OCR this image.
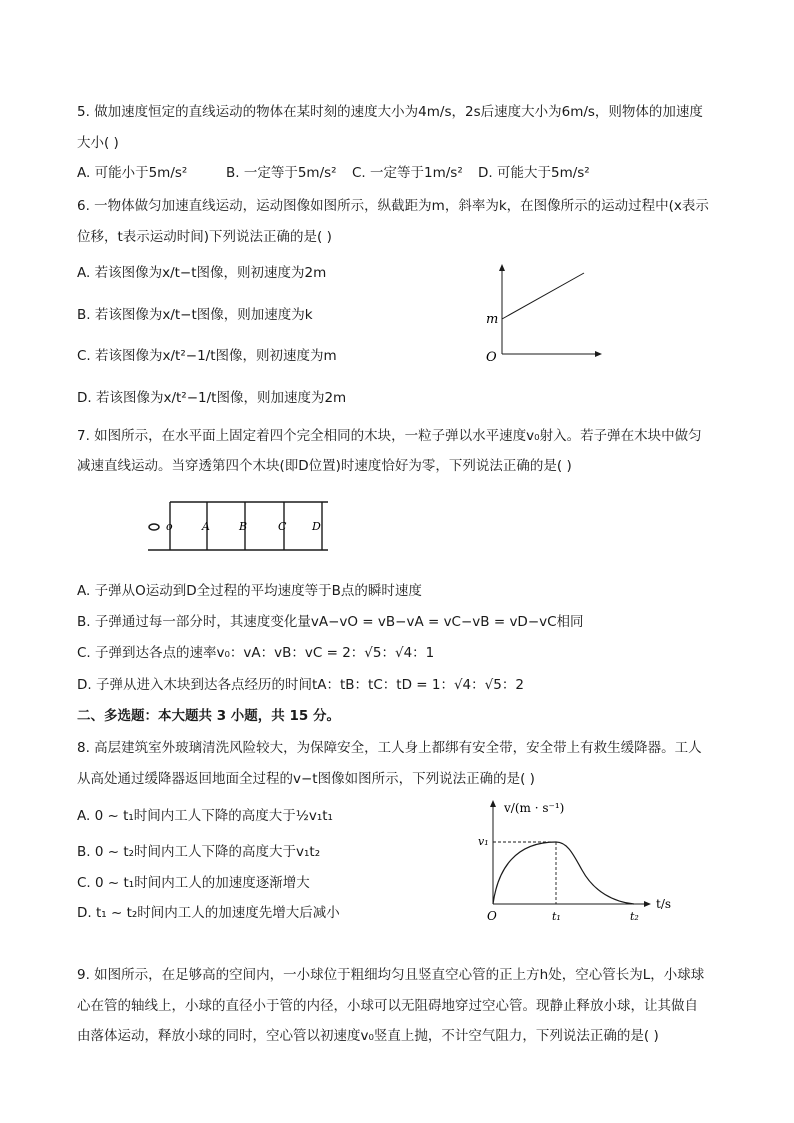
5. 做加速度恒定的直线运动的物体在某时刻的速度大小为4m/s，2s后速度大小为6m/s，则物体的加速度
大小( )
A. 可能小于5m/s²	B. 一定等于5m/s² C. 一定等于1m/s² D. 可能大于5m/s²
6. 一物体做匀加速直线运动，运动图像如图所示，纵截距为m，斜率为k，在图像所示的运动过程中(x表示
位移，t表示运动时间)下列说法正确的是( )
A. 若该图像为x/t−t图像，则初速度为2m
B. 若该图像为x/t−t图像，则加速度为k
C. 若该图像为x/t²−1/t图像，则初速度为m
D. 若该图像为x/t²−1/t图像，则加速度为2m
m
O
7. 如图所示，在水平面上固定着四个完全相同的木块，一粒子弹以水平速度v₀射入。若子弹在木块中做匀
减速直线运动。当穿透第四个木块(即D位置)时速度恰好为零，下列说法正确的是( )
o	A	B	C D
A. 子弹从O运动到D全过程的平均速度等于B点的瞬时速度
B. 子弹通过每一部分时，其速度变化量vA−vO = vB−vA = vC−vB = vD−vC相同
C. 子弹到达各点的速率v₀：vA：vB：vC = 2：√5：√4：1
D. 子弹从进入木块到达各点经历的时间tA：tB：tC：tD = 1：√4：√5：2
二、多选题：本大题共 3 小题，共 15 分。
8. 高层建筑室外玻璃清洗风险较大，为保障安全，工人身上都绑有安全带，安全带上有救生缓降器。工人
从高处通过缓降器返回地面全过程的v−t图像如图所示，下列说法正确的是( )
A. 0 ~ t₁时间内工人下降的高度大于½v₁t₁
B. 0 ~ t₂时间内工人下降的高度大于v₁t₂
C. 0 ~ t₁时间内工人的加速度逐渐增大
D. t₁ ~ t₂时间内工人的加速度先增大后减小
v/(m · s⁻¹)
t/s
O
v₁
t₁	t₂
9. 如图所示，在足够高的空间内，一小球位于粗细均匀且竖直空心管的正上方h处，空心管长为L，小球球
心在管的轴线上，小球的直径小于管的内径，小球可以无阻碍地穿过空心管。现静止释放小球，让其做自
由落体运动，释放小球的同时，空心管以初速度v₀竖直上抛，不计空气阻力，下列说法正确的是( )
